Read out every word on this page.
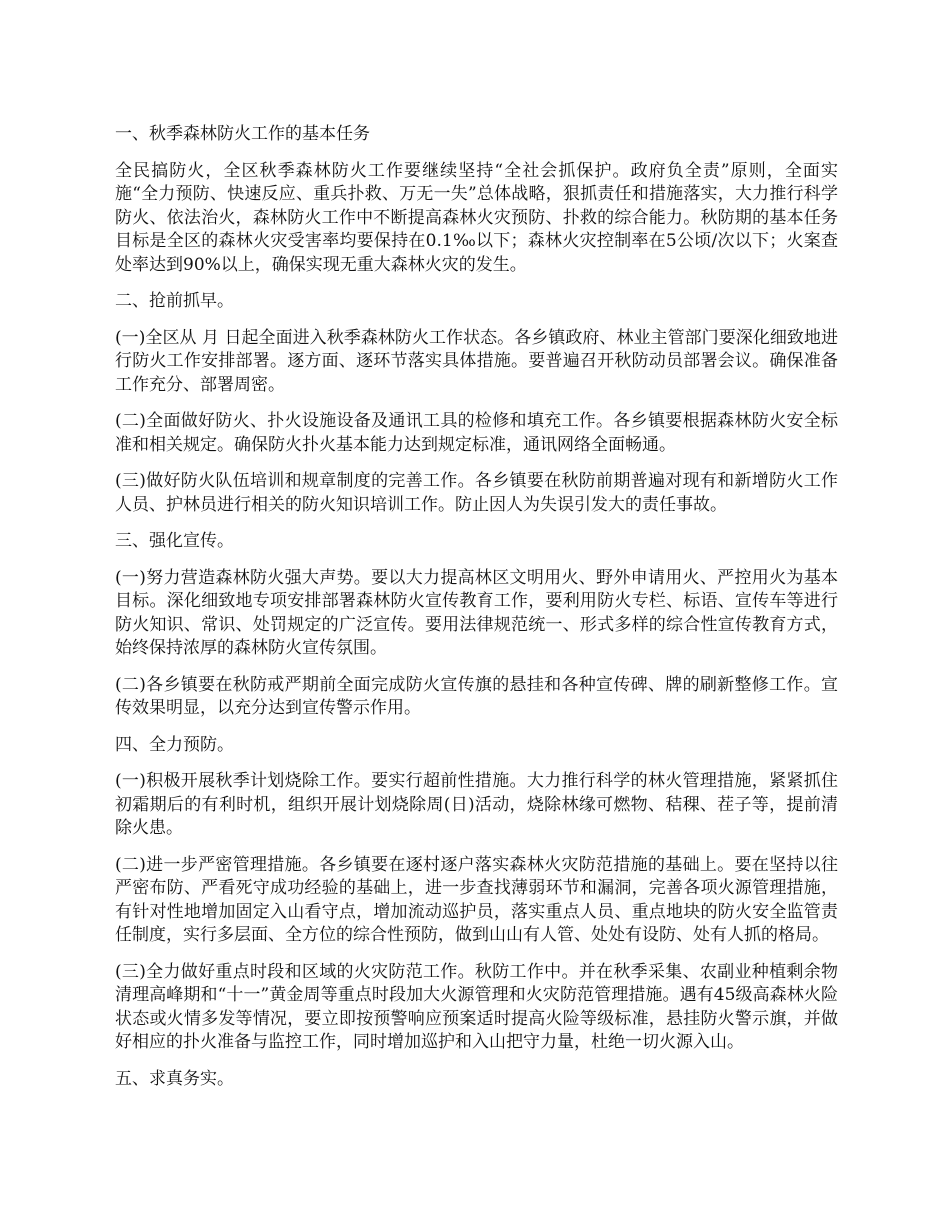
一、秋季森林防火工作的基本任务

全民搞防火，全区秋季森林防火工作要继续坚持“全社会抓保护。政府负全责”原则，全面实施“全力预防、快速反应、重兵扑救、万无一失”总体战略，狠抓责任和措施落实，大力推行科学防火、依法治火，森林防火工作中不断提高森林火灾预防、扑救的综合能力。秋防期的基本任务目标是全区的森林火灾受害率均要保持在0.1‰以下；森林火灾控制率在5公顷/次以下；火案查处率达到90%以上，确保实现无重大森林火灾的发生。

二、抢前抓早。

(一)全区从 月 日起全面进入秋季森林防火工作状态。各乡镇政府、林业主管部门要深化细致地进行防火工作安排部署。逐方面、逐环节落实具体措施。要普遍召开秋防动员部署会议。确保准备工作充分、部署周密。

(二)全面做好防火、扑火设施设备及通讯工具的检修和填充工作。各乡镇要根据森林防火安全标准和相关规定。确保防火扑火基本能力达到规定标准，通讯网络全面畅通。

(三)做好防火队伍培训和规章制度的完善工作。各乡镇要在秋防前期普遍对现有和新增防火工作人员、护林员进行相关的防火知识培训工作。防止因人为失误引发大的责任事故。

三、强化宣传。

(一)努力营造森林防火强大声势。要以大力提高林区文明用火、野外申请用火、严控用火为基本目标。深化细致地专项安排部署森林防火宣传教育工作，要利用防火专栏、标语、宣传车等进行防火知识、常识、处罚规定的广泛宣传。要用法律规范统一、形式多样的综合性宣传教育方式，始终保持浓厚的森林防火宣传氛围。

(二)各乡镇要在秋防戒严期前全面完成防火宣传旗的悬挂和各种宣传碑、牌的刷新整修工作。宣传效果明显，以充分达到宣传警示作用。

四、全力预防。

(一)积极开展秋季计划烧除工作。要实行超前性措施。大力推行科学的林火管理措施，紧紧抓住初霜期后的有利时机，组织开展计划烧除周(日)活动，烧除林缘可燃物、秸稞、茬子等，提前清除火患。

(二)进一步严密管理措施。各乡镇要在逐村逐户落实森林火灾防范措施的基础上。要在坚持以往严密布防、严看死守成功经验的基础上，进一步查找薄弱环节和漏洞，完善各项火源管理措施，有针对性地增加固定入山看守点，增加流动巡护员，落实重点人员、重点地块的防火安全监管责任制度，实行多层面、全方位的综合性预防，做到山山有人管、处处有设防、处有人抓的格局。

(三)全力做好重点时段和区域的火灾防范工作。秋防工作中。并在秋季采集、农副业种植剩余物清理高峰期和“十一”黄金周等重点时段加大火源管理和火灾防范管理措施。遇有45级高森林火险状态或火情多发等情况，要立即按预警响应预案适时提高火险等级标准，悬挂防火警示旗，并做好相应的扑火准备与监控工作，同时增加巡护和入山把守力量，杜绝一切火源入山。

五、求真务实。
